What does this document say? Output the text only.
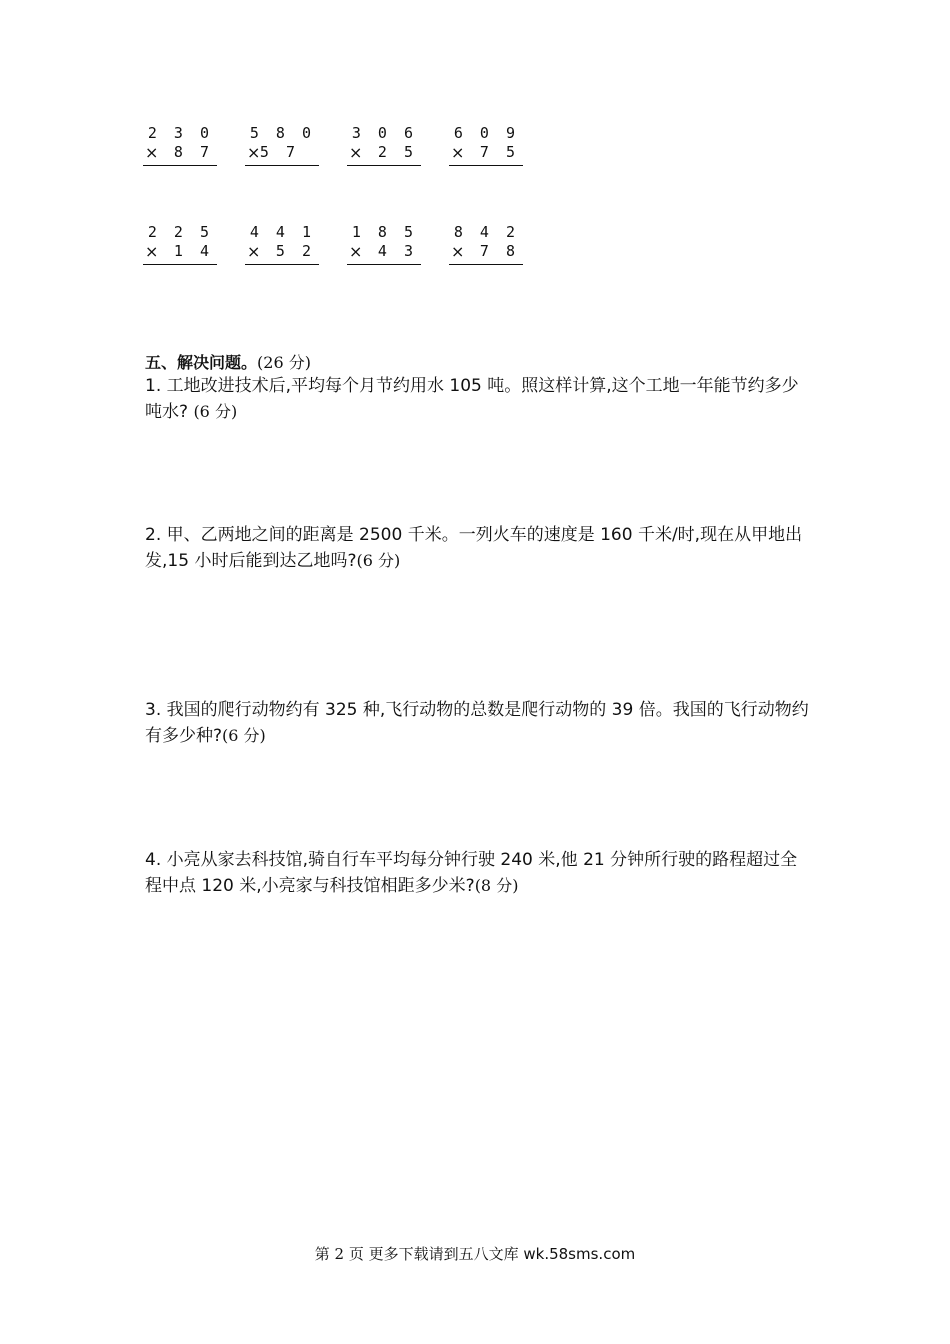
2 3 0
× 8 7
5 8 0
× 5 7
3 0 6
× 2 5
6 0 9
× 7 5
2 2 5
× 1 4
4 4 1
× 5 2
1 8 5
× 4 3
8 4 2
× 7 8
五、解决问题。(26 分)
1. 工地改进技术后,平均每个月节约用水 105 吨。照这样计算,这个工地一年能节约多少吨水? (6 分)
2. 甲、乙两地之间的距离是 2500 千米。一列火车的速度是 160 千米/时,现在从甲地出发,15 小时后能到达乙地吗?(6 分)
3. 我国的爬行动物约有 325 种,飞行动物的总数是爬行动物的 39 倍。我国的飞行动物约有多少种?(6 分)
4. 小亮从家去科技馆,骑自行车平均每分钟行驶 240 米,他 21 分钟所行驶的路程超过全程中点 120 米,小亮家与科技馆相距多少米?(8 分)
第 2 页 更多下载请到五八文库 wk.58sms.com
